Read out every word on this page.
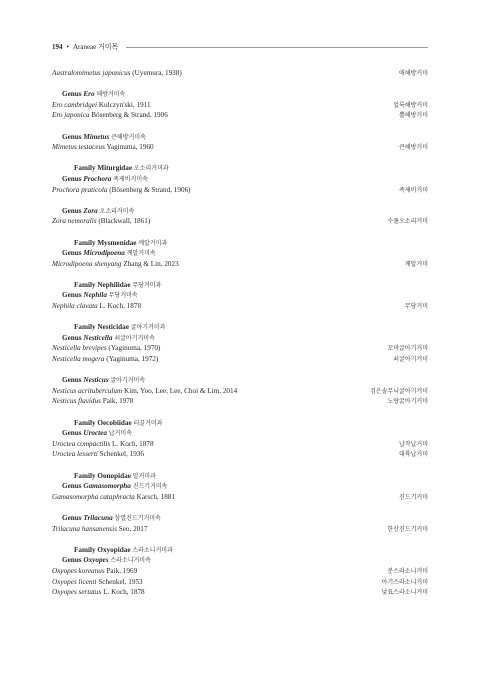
194 • Araneae 거미목
Australomimetus japonicus (Uyemura, 1938)	애해방거미
Genus Ero 해방거미속
Ero cambridgei Kulczyn'ski, 1911	얼룩해방거미
Ero japonica Bösenberg & Strand, 1906	뿔해방거미
Genus Mimetus 큰해방거미속
Mimetus testaceus Yaginuma, 1960	큰해방거미
Family Miturgidae 오소리거미과
Genus Prochora 족제비거미속
Prochora praticola (Bösenberg & Strand, 1906)	족제비거미
Genus Zora 오소리거미속
Zora nemoralis (Blackwall, 1861)	수풀오소리거미
Family Mysmenidae 깨알거미과
Genus Microdipoena 깨알거미속
Microdipoena shenyang Zhang & Lin, 2023	깨알거미
Family Nephilidae 무당거미과
Genus Nephila 무당거미속
Nephila clavata L. Koch, 1878	무당거미
Family Nesticidae 굴아기거미과
Genus Nesticella 쇠굴아기거미속
Nesticella brevipes (Yaginuma, 1970)	꼬마굴아기거미
Nesticella mogera (Yaginuma, 1972)	쇠굴아기거미
Genus Nesticus 굴아기거미속
Nesticus acrituberculum Kim, Yoo, Lee, Lee, Choi & Lim, 2014	검은솔무늬굴아기거미
Nesticus flavidus Paik, 1978	노랑굴아기거미
Family Oecobiidae 티끌거미과
Genus Uroctea 납거미속
Uroctea compactilis L. Koch, 1878	납작납거미
Uroctea lesserti Schenkel, 1936	대륙납거미
Family Oonopidae 알거미과
Genus Gamasomorpha 진드기거미속
Gamasomorpha cataphracta Karsch, 1881	진드기거미
Genus Trilacuna 삼열진드기거미속
Trilacuna hansanensis Seo, 2017	한산진드기거미
Family Oxyopidae 스라소니거미과
Genus Oxyopes 스라소니거미속
Oxyopes koreanus Paik, 1969	분스라소니거미
Oxyopes licenti Schenkel, 1953	아기스라소니거미
Oxyopes sertatus L. Koch, 1878	낯표스라소니거미
